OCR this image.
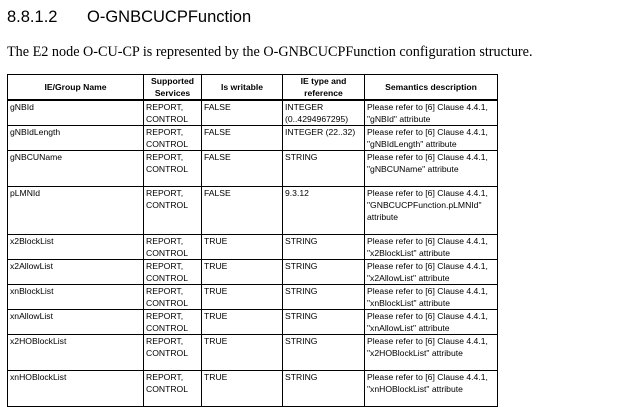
8.8.1.2 O-GNBCUCPFunction
The E2 node O-CU-CP is represented by the O-GNBCUCPFunction configuration structure.
IE/Group Name	Supported Services	Is writable	IE type and reference	Semantics description
gNBId	REPORT, CONTROL	FALSE	INTEGER (0..4294967295)	Please refer to [6] Clause 4.4.1, "gNBId" attribute
gNBIdLength	REPORT, CONTROL	FALSE	INTEGER (22..32)	Please refer to [6] Clause 4.4.1, "gNBIdLength" attribute
gNBCUName	REPORT, CONTROL	FALSE	STRING	Please refer to [6] Clause 4.4.1, "gNBCUName" attribute
pLMNId	REPORT, CONTROL	FALSE	9.3.12	Please refer to [6] Clause 4.4.1, "GNBCUCPFunction.pLMNId" attribute
x2BlockList	REPORT, CONTROL	TRUE	STRING	Please refer to [6] Clause 4.4.1, "x2BlockList" attribute
x2AllowList	REPORT, CONTROL	TRUE	STRING	Please refer to [6] Clause 4.4.1, "x2AllowList" attribute
xnBlockList	REPORT, CONTROL	TRUE	STRING	Please refer to [6] Clause 4.4.1, "xnBlockList" attribute
xnAllowList	REPORT, CONTROL	TRUE	STRING	Please refer to [6] Clause 4.4.1, "xnAllowList" attribute
x2HOBlockList	REPORT, CONTROL	TRUE	STRING	Please refer to [6] Clause 4.4.1, "x2HOBlockList" attribute
xnHOBlockList	REPORT, CONTROL	TRUE	STRING	Please refer to [6] Clause 4.4.1, "xnHOBlockList" attribute
